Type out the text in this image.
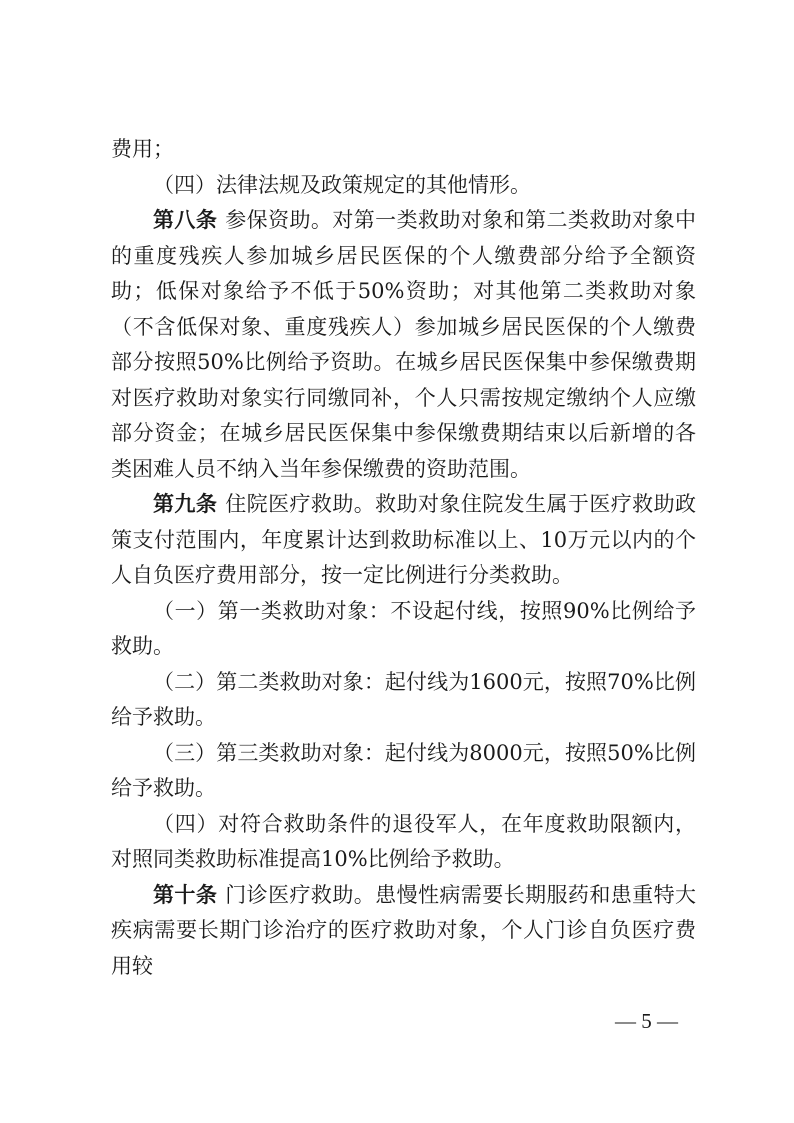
费用；

（四）法律法规及政策规定的其他情形。

第八条 参保资助。对第一类救助对象和第二类救助对象中的重度残疾人参加城乡居民医保的个人缴费部分给予全额资助；低保对象给予不低于50%资助；对其他第二类救助对象（不含低保对象、重度残疾人）参加城乡居民医保的个人缴费部分按照50%比例给予资助。在城乡居民医保集中参保缴费期对医疗救助对象实行同缴同补，个人只需按规定缴纳个人应缴部分资金；在城乡居民医保集中参保缴费期结束以后新增的各类困难人员不纳入当年参保缴费的资助范围。

第九条 住院医疗救助。救助对象住院发生属于医疗救助政策支付范围内，年度累计达到救助标准以上、10万元以内的个人自负医疗费用部分，按一定比例进行分类救助。

（一）第一类救助对象：不设起付线，按照90%比例给予救助。

（二）第二类救助对象：起付线为1600元，按照70%比例给予救助。

（三）第三类救助对象：起付线为8000元，按照50%比例给予救助。

（四）对符合救助条件的退役军人，在年度救助限额内，对照同类救助标准提高10%比例给予救助。

第十条 门诊医疗救助。患慢性病需要长期服药和患重特大疾病需要长期门诊治疗的医疗救助对象，个人门诊自负医疗费用较

— 5 —
